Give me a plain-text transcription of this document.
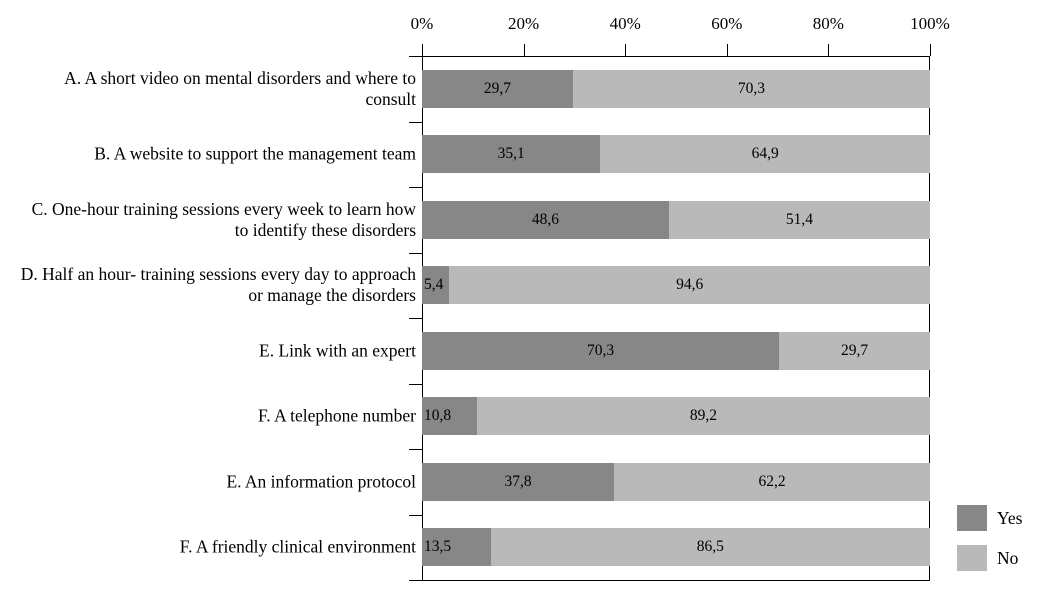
0%	20%	40%	60%	80%	100%
A. A short video on mental disorders and where to consult
29,7	70,3
B. A website to support the management team	35,1	64,9
C. One-hour training sessions every week to learn how to identify these disorders
48,6	51,4
D. Half an hour- training sessions every day to approach or manage the disorders
5,4	94,6
E. Link with an expert	70,3	29,7
F. A telephone number 10,8	89,2
E. An information protocol	37,8	62,2
F. A friendly clinical environment 13,5	86,5
Yes
No
